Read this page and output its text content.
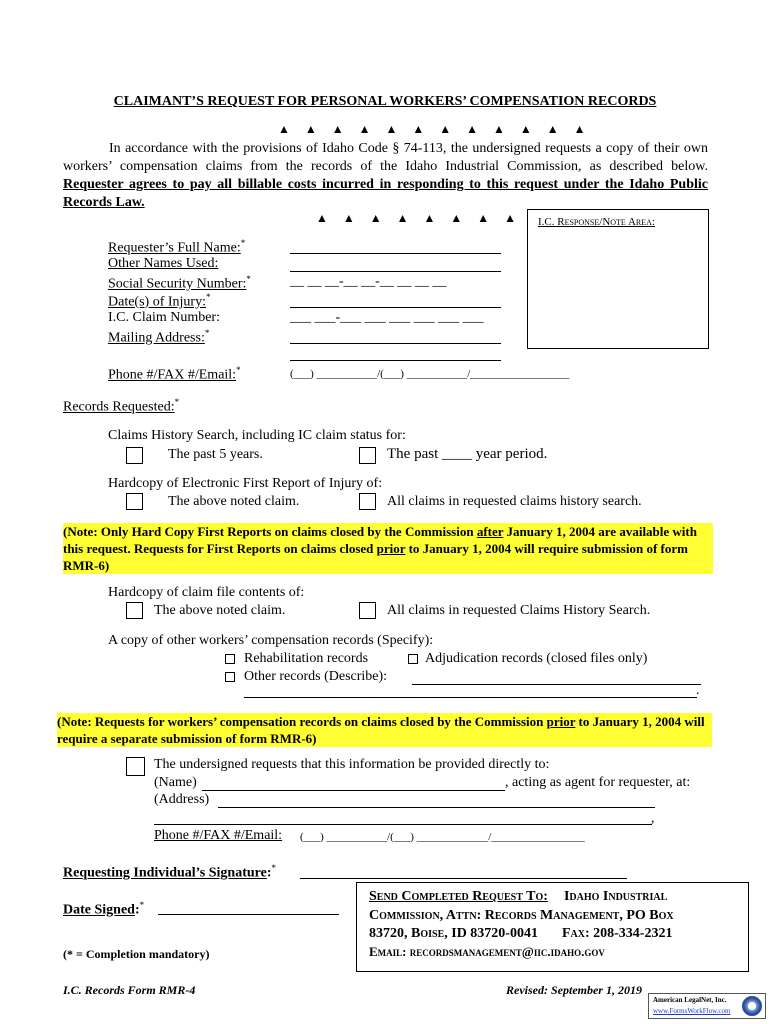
CLAIMANT’S REQUEST FOR PERSONAL WORKERS’ COMPENSATION RECORDS
▲ ▲ ▲ ▲ ▲ ▲ ▲ ▲ ▲ ▲ ▲ ▲
In accordance with the provisions of Idaho Code § 74-113, the undersigned requests a copy of their own workers’ compensation claims from the records of the Idaho Industrial Commission, as described below. Requester agrees to pay all billable costs incurred in responding to this request under the Idaho Public Records Law.
▲ ▲ ▲ ▲ ▲ ▲ ▲ ▲ I.C. Response/Note Area:
Requester’s Full Name:*
Other Names Used:
Social Security Number:*	__ __ __-__ __-__ __ __ __
Date(s) of Injury:*
I.C. Claim Number:	___ ___-___ ___ ___ ___ ___ ___
Mailing Address:*
Phone #/FAX #/Email:*	(___) ___________/(___) ___________/__________________
Records Requested:*
Claims History Search, including IC claim status for:
The past 5 years.	The past ____ year period.
Hardcopy of Electronic First Report of Injury of:
The above noted claim.	All claims in requested claims history search.
(Note: Only Hard Copy First Reports on claims closed by the Commission after January 1, 2004 are available with this request. Requests for First Reports on claims closed prior to January 1, 2004 will require submission of form RMR-6)
Hardcopy of claim file contents of:
The above noted claim.	All claims in requested Claims History Search.
A copy of other workers’ compensation records (Specify):
Rehabilitation records	Adjudication records (closed files only)
Other records (Describe):
.
(Note: Requests for workers’ compensation records on claims closed by the Commission prior to January 1, 2004 will require a separate submission of form RMR-6)
The undersigned requests that this information be provided directly to:
(Name)	, acting as agent for requester, at:
(Address)
,
Phone #/FAX #/Email: (___) ___________/(___) _____________/_________________
Requesting Individual’s Signature:*
Date Signed:*
(* = Completion mandatory)
Send Completed Request To: Idaho Industrial
Commission, Attn: Records Management, PO Box
83720, Boise, ID 83720-0041 Fax: 208-334-2321
Email: recordsmanagement@iic.idaho.gov
I.C. Records Form RMR-4	Revised: September 1, 2019
American LegalNet, Inc.
www.FormsWorkFlow.com
